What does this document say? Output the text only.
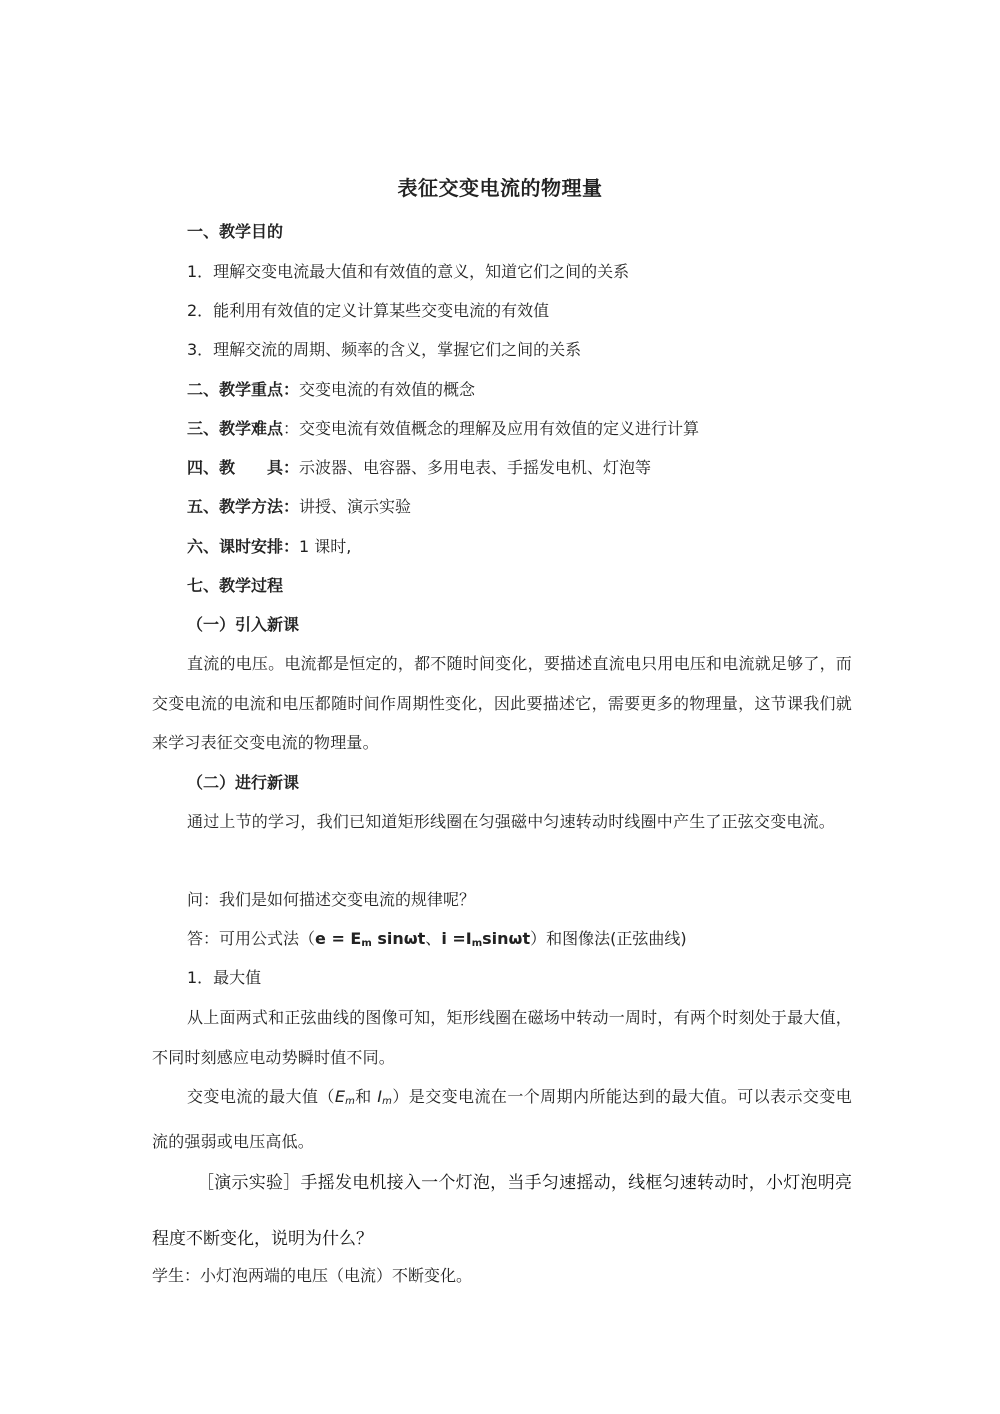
表征交变电流的物理量
一、教学目的
1．理解交变电流最大值和有效值的意义，知道它们之间的关系
2．能利用有效值的定义计算某些交变电流的有效值
3．理解交流的周期、频率的含义，掌握它们之间的关系
二、教学重点：交变电流的有效值的概念
三、教学难点：交变电流有效值概念的理解及应用有效值的定义进行计算
四、教　　具：示波器、电容器、多用电表、手摇发电机、灯泡等
五、教学方法：讲授、演示实验
六、课时安排：1 课时,
七、教学过程
（一）引入新课
直流的电压。电流都是恒定的，都不随时间变化，要描述直流电只用电压和电流就足够了，而交变电流的电流和电压都随时间作周期性变化，因此要描述它，需要更多的物理量，这节课我们就来学习表征交变电流的物理量。
（二）进行新课
通过上节的学习，我们已知道矩形线圈在匀强磁中匀速转动时线圈中产生了正弦交变电流。
问：我们是如何描述交变电流的规律呢？
答：可用公式法（$e = E_m$ sinωt、$i =I_m\sin\omega t$）和图像法(正弦曲线)
1．最大值
从上面两式和正弦曲线的图像可知，矩形线圈在磁场中转动一周时，有两个时刻处于最大值，不同时刻感应电动势瞬时值不同。
交变电流的最大值（$E_m$和 $I_m$）是交变电流在一个周期内所能达到的最大值。可以表示交变电流的强弱或电压高低。
［演示实验］手摇发电机接入一个灯泡，当手匀速摇动，线框匀速转动时，小灯泡明亮程度不断变化，说明为什么？
学生：小灯泡两端的电压（电流）不断变化。
